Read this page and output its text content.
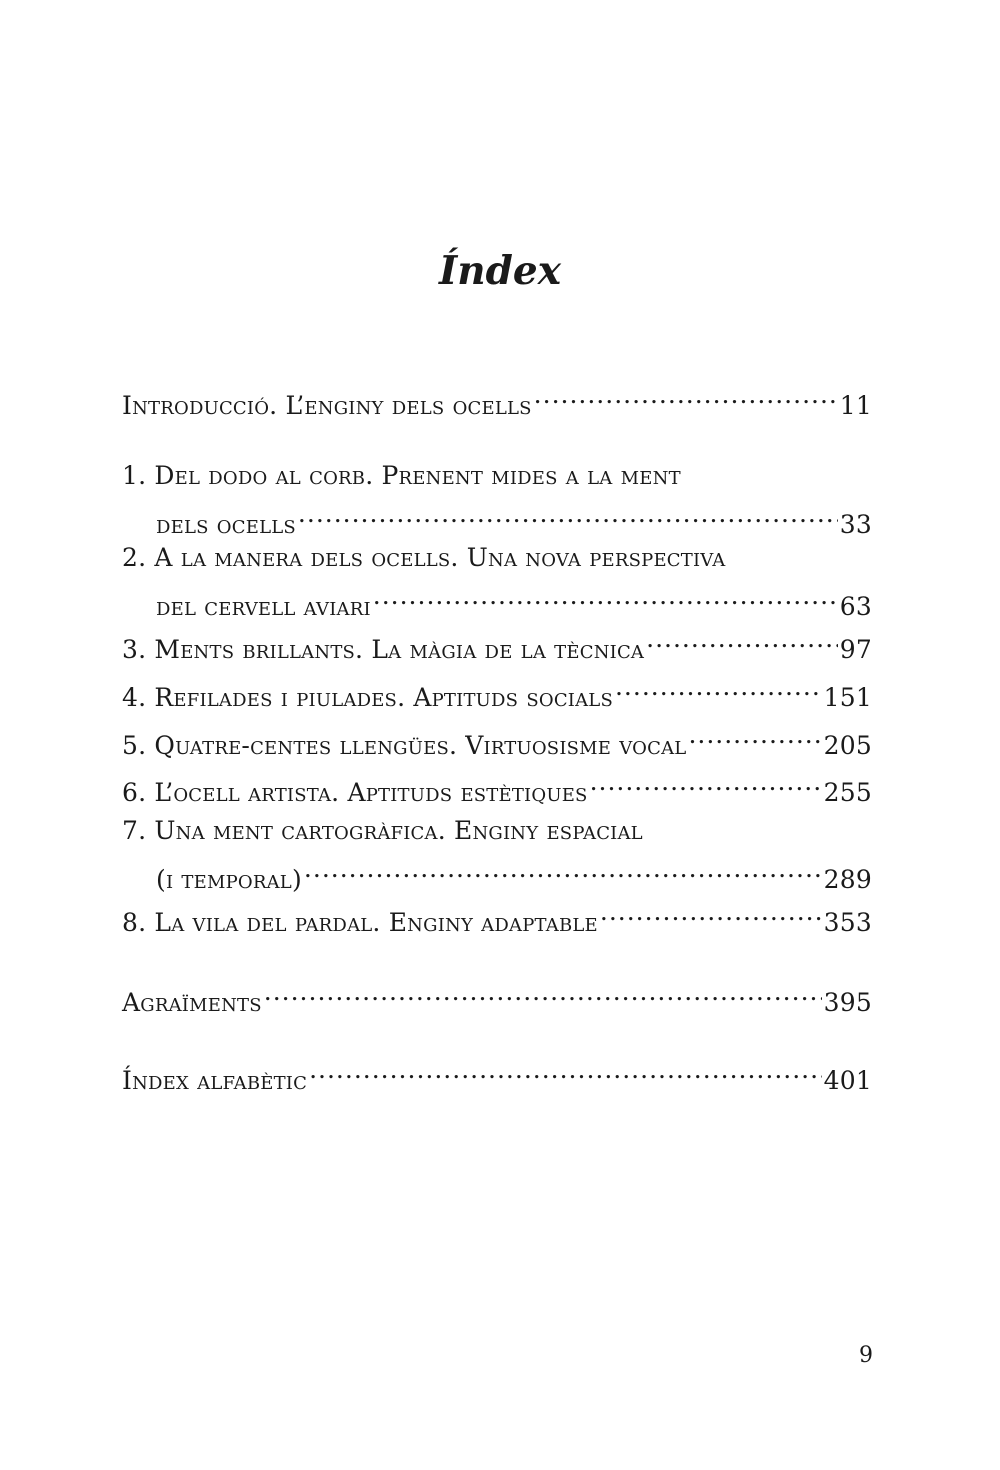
Índex
Introducció. L’enginy dels ocells .....	11
1. Del dodo al corb. Prenent mides a la ment
dels ocells .....	33
2. A la manera dels ocells. Una nova perspectiva
del cervell aviari .....	63
3. Ments brillants. La màgia de la tècnica .....	97
4. Refilades i piulades. Aptituds socials .....	151
5. Quatre-centes llengües. Virtuosisme vocal .....	205
6. L’ocell artista. Aptituds estètiques .....	255
7. Una ment cartogràfica. Enginy espacial
(i temporal) .....	289
8. La vila del pardal. Enginy adaptable .....	353
Agraïments .....	395
Índex alfabètic .....	401
9
